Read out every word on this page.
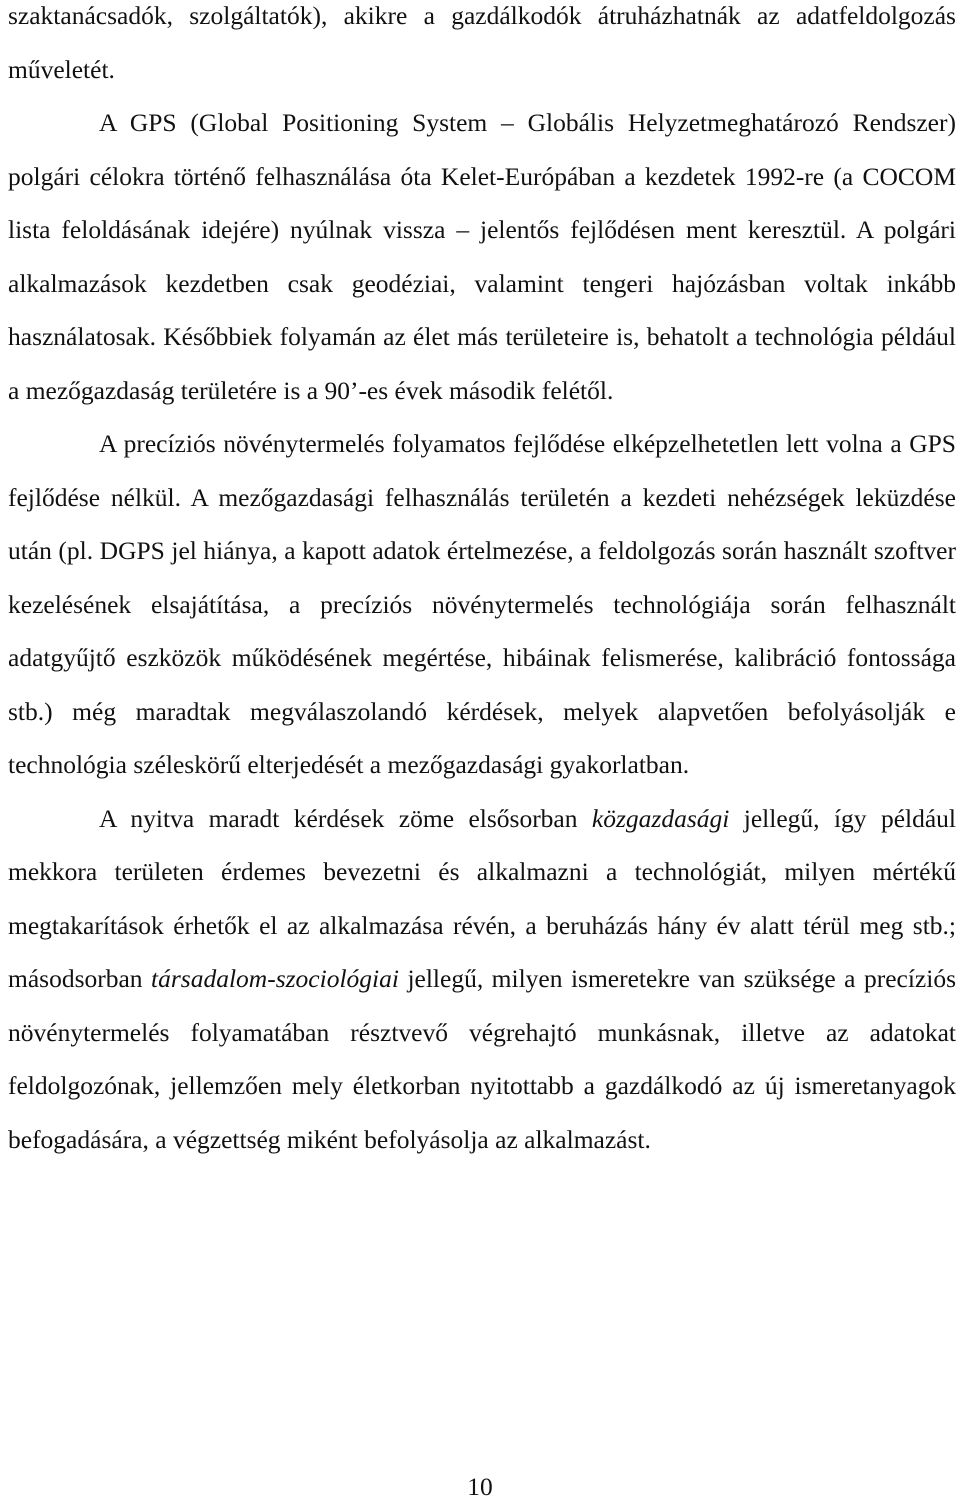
szaktanácsadók, szolgáltatók), akikre a gazdálkodók átruházhatnák az adatfeldolgozás műveletét.

A GPS (Global Positioning System – Globális Helyzetmeghatározó Rendszer) polgári célokra történő felhasználása óta Kelet-Európában a kezdetek 1992-re (a COCOM lista feloldásának idejére) nyúlnak vissza – jelentős fejlődésen ment keresztül. A polgári alkalmazások kezdetben csak geodéziai, valamint tengeri hajózásban voltak inkább használatosak. Későbbiek folyamán az élet más területeire is, behatolt a technológia például a mezőgazdaság területére is a 90’-es évek második felétől.

A precíziós növénytermelés folyamatos fejlődése elképzelhetetlen lett volna a GPS fejlődése nélkül. A mezőgazdasági felhasználás területén a kezdeti nehézségek leküzdése után (pl. DGPS jel hiánya, a kapott adatok értelmezése, a feldolgozás során használt szoftver kezelésének elsajátítása, a precíziós növénytermelés technológiája során felhasznált adatgyűjtő eszközök működésének megértése, hibáinak felismerése, kalibráció fontossága stb.) még maradtak megválaszolandó kérdések, melyek alapvetően befolyásolják e technológia széleskörű elterjedését a mezőgazdasági gyakorlatban.

A nyitva maradt kérdések zöme elsősorban közgazdasági jellegű, így például mekkora területen érdemes bevezetni és alkalmazni a technológiát, milyen mértékű megtakarítások érhetők el az alkalmazása révén, a beruházás hány év alatt térül meg stb.; másodsorban társadalom-szociológiai jellegű, milyen ismeretekre van szüksége a precíziós növénytermelés folyamatában résztvevő végrehajtó munkásnak, illetve az adatokat feldolgozónak, jellemzően mely életkorban nyitottabb a gazdálkodó az új ismeretanyagok befogadására, a végzettség miként befolyásolja az alkalmazást.

10
